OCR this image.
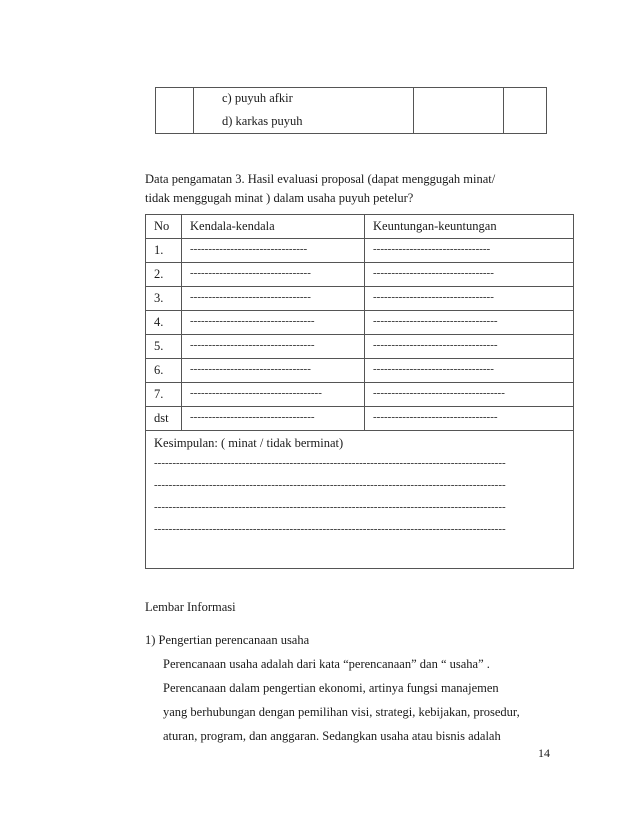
c) puyuh afkir
d) karkas puyuh
Data pengamatan 3. Hasil evaluasi proposal (dapat menggugah minat/
tidak menggugah minat ) dalam usaha puyuh petelur?
No Kendala-kendala	Keuntungan-keuntungan
1. --------------------------------	--------------------------------
2. ---------------------------------	---------------------------------
3. ---------------------------------	---------------------------------
4. ----------------------------------	----------------------------------
5. ----------------------------------	----------------------------------
6. ---------------------------------	---------------------------------
7. ------------------------------------	------------------------------------
dst ----------------------------------	----------------------------------
Kesimpulan: ( minat / tidak berminat)
------------------------------------------------------------------------------------------------
------------------------------------------------------------------------------------------------
------------------------------------------------------------------------------------------------
------------------------------------------------------------------------------------------------
Lembar Informasi
1) Pengertian perencanaan usaha
Perencanaan usaha adalah dari kata “perencanaan” dan “ usaha” .
Perencanaan dalam pengertian ekonomi, artinya fungsi manajemen
yang berhubungan dengan pemilihan visi, strategi, kebijakan, prosedur,
aturan, program, dan anggaran. Sedangkan usaha atau bisnis adalah
14
